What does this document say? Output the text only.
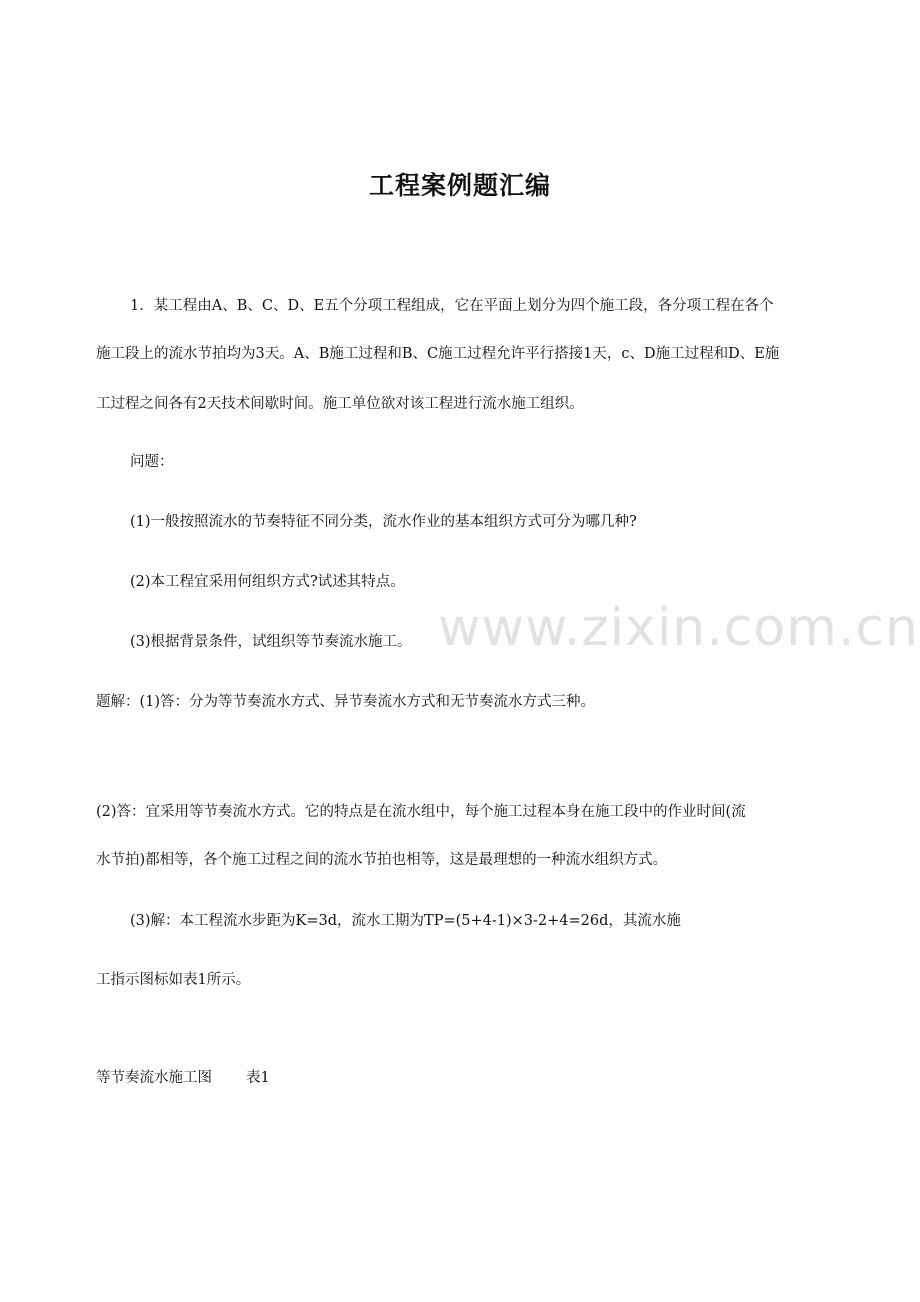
www.zixin.com.cn
工程案例题汇编
1．某工程由A、B、C、D、E五个分项工程组成，它在平面上划分为四个施工段，各分项工程在各个
施工段上的流水节拍均为3天。A、B施工过程和B、C施工过程允许平行搭接1天，c、D施工过程和D、E施
工过程之间各有2天技术间歇时间。施工单位欲对该工程进行流水施工组织。
问题：
(1)一般按照流水的节奏特征不同分类，流水作业的基本组织方式可分为哪几种?
(2)本工程宜采用何组织方式?试述其特点。
(3)根据背景条件，试组织等节奏流水施工。
题解：(1)答：分为等节奏流水方式、异节奏流水方式和无节奏流水方式三种。
(2)答：宜采用等节奏流水方式。它的特点是在流水组中，每个施工过程本身在施工段中的作业时间(流
水节拍)都相等，各个施工过程之间的流水节拍也相等，这是最理想的一种流水组织方式。
(3)解：本工程流水步距为K=3d，流水工期为TP=(5+4-1)×3-2+4=26d，其流水施
工指示图标如表1所示。
等节奏流水施工图 表1
